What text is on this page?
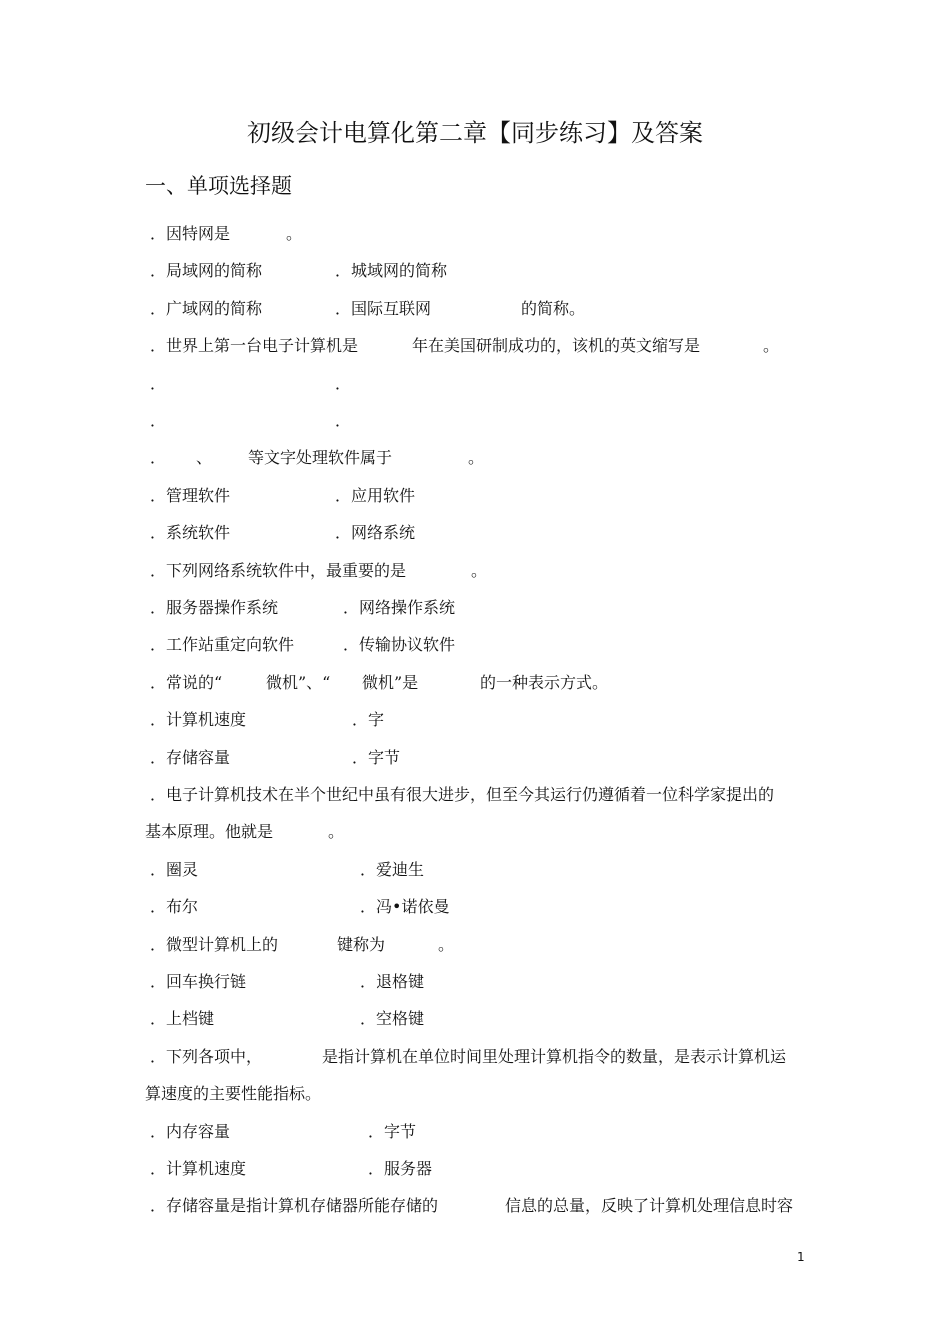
初级会计电算化第二章【同步练习】及答案
一、单项选择题
．因特网是	。
．局域网的简称	．城域网的简称
．广域网的简称	．国际互联网	的简称。
．世界上第一台电子计算机是	年在美国研制成功的，该机的英文缩写是	。
．	．
．	．
． 、 等文字处理软件属于	。
．管理软件	．应用软件
．系统软件	．网络系统
．下列网络系统软件中，最重要的是	。
．服务器操作系统	．网络操作系统
．工作站重定向软件	．传输协议软件
．常说的“	微机”、“ 微机”是	的一种表示方式。
．计算机速度	．字
．存储容量	．字节
．电子计算机技术在半个世纪中虽有很大进步，但至今其运行仍遵循着一位科学家提出的
基本原理。他就是	。
．圈灵	．爱迪生
．布尔	．冯•诺依曼
．微型计算机上的	键称为	。
．回车换行链	．退格键
．上档键	．空格键
．下列各项中，	是指计算机在单位时间里处理计算机指令的数量，是表示计算机运
算速度的主要性能指标。
．内存容量	．字节
．计算机速度	．服务器
．存储容量是指计算机存储器所能存储的	信息的总量，反映了计算机处理信息时容
1
